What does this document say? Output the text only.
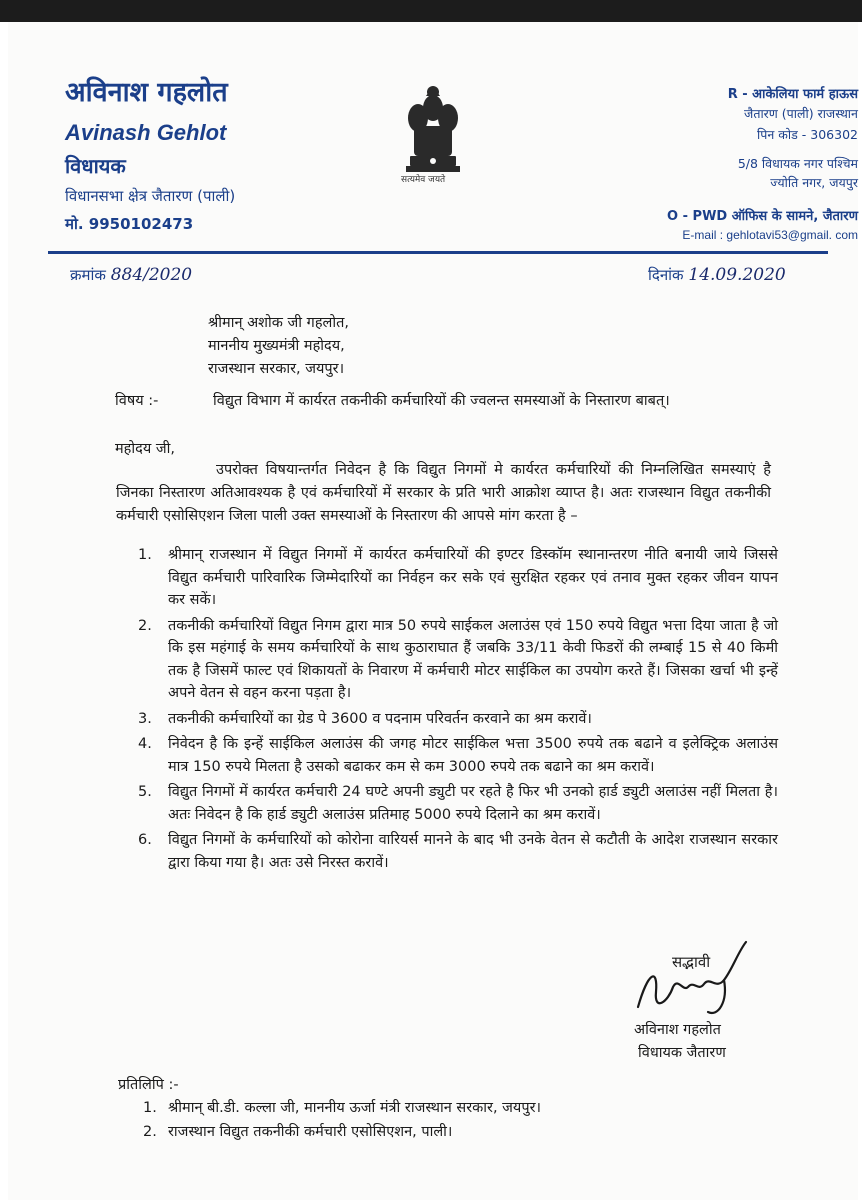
अविनाश गहलोत
Avinash Gehlot
विधायक
विधानसभा क्षेत्र जैतारण (पाली)
मो. 9950102473
सत्यमेव जयते
R - आकेलिया फार्म हाऊस
जैतारण (पाली) राजस्थान
पिन कोड - 306302
5/8 विधायक नगर पश्चिम
ज्योति नगर, जयपुर
O - PWD ऑफिस के सामने, जैतारण
E-mail : gehlotavi53@gmail. com
क्रमांक 884/2020	दिनांक 14.09.2020
श्रीमान् अशोक जी गहलोत,
माननीय मुख्यमंत्री महोदय,
राजस्थान सरकार, जयपुर।
विषय :-	विद्युत विभाग में कार्यरत तकनीकी कर्मचारियों की ज्वलन्त समस्याओं के निस्तारण बाबत्।
महोदय जी,
उपरोक्त विषयान्तर्गत निवेदन है कि विद्युत निगमों मे कार्यरत कर्मचारियों की निम्नलिखित समस्याएं है जिनका निस्तारण अतिआवश्यक है एवं कर्मचारियों में सरकार के प्रति भारी आक्रोश व्याप्त है। अतः राजस्थान विद्युत तकनीकी कर्मचारी एसोसिएशन जिला पाली उक्त समस्याओं के निस्तारण की आपसे मांग करता है –
1.	श्रीमान् राजस्थान में विद्युत निगमों में कार्यरत कर्मचारियों की इण्टर डिस्कॉम स्थानान्तरण नीति बनायी जाये जिससे विद्युत कर्मचारी पारिवारिक जिम्मेदारियों का निर्वहन कर सके एवं सुरक्षित रहकर एवं तनाव मुक्त रहकर जीवन यापन कर सकें।
2.	तकनीकी कर्मचारियों विद्युत निगम द्वारा मात्र 50 रुपये साईकल अलाउंस एवं 150 रुपये विद्युत भत्ता दिया जाता है जो कि इस महंगाई के समय कर्मचारियों के साथ कुठाराघात हैं जबकि 33/11 केवी फिडरों की लम्बाई 15 से 40 किमी तक है जिसमें फाल्ट एवं शिकायतों के निवारण में कर्मचारी मोटर साईकिल का उपयोग करते हैं। जिसका खर्चा भी इन्हें अपने वेतन से वहन करना पड़ता है।
3.	तकनीकी कर्मचारियों का ग्रेड पे 3600 व पदनाम परिवर्तन करवाने का श्रम करावें।
4.	निवेदन है कि इन्हें साईकिल अलाउंस की जगह मोटर साईकिल भत्ता 3500 रुपये तक बढाने व इलेक्ट्रिक अलाउंस मात्र 150 रुपये मिलता है उसको बढाकर कम से कम 3000 रुपये तक बढाने का श्रम करावें।
5.	विद्युत निगमों में कार्यरत कर्मचारी 24 घण्टे अपनी ड्युटी पर रहते है फिर भी उनको हार्ड ड्युटी अलाउंस नहीं मिलता है। अतः निवेदन है कि हार्ड ड्युटी अलाउंस प्रतिमाह 5000 रुपये दिलाने का श्रम करावें।
6.	विद्युत निगमों के कर्मचारियों को कोरोना वारियर्स मानने के बाद भी उनके वेतन से कटौती के आदेश राजस्थान सरकार द्वारा किया गया है। अतः उसे निरस्त करावें।
सद्भावी
अविनाश गहलोत
विधायक जैतारण
प्रतिलिपि :-
1. श्रीमान् बी.डी. कल्ला जी, माननीय ऊर्जा मंत्री राजस्थान सरकार, जयपुर।
2. राजस्थान विद्युत तकनीकी कर्मचारी एसोसिएशन, पाली।
